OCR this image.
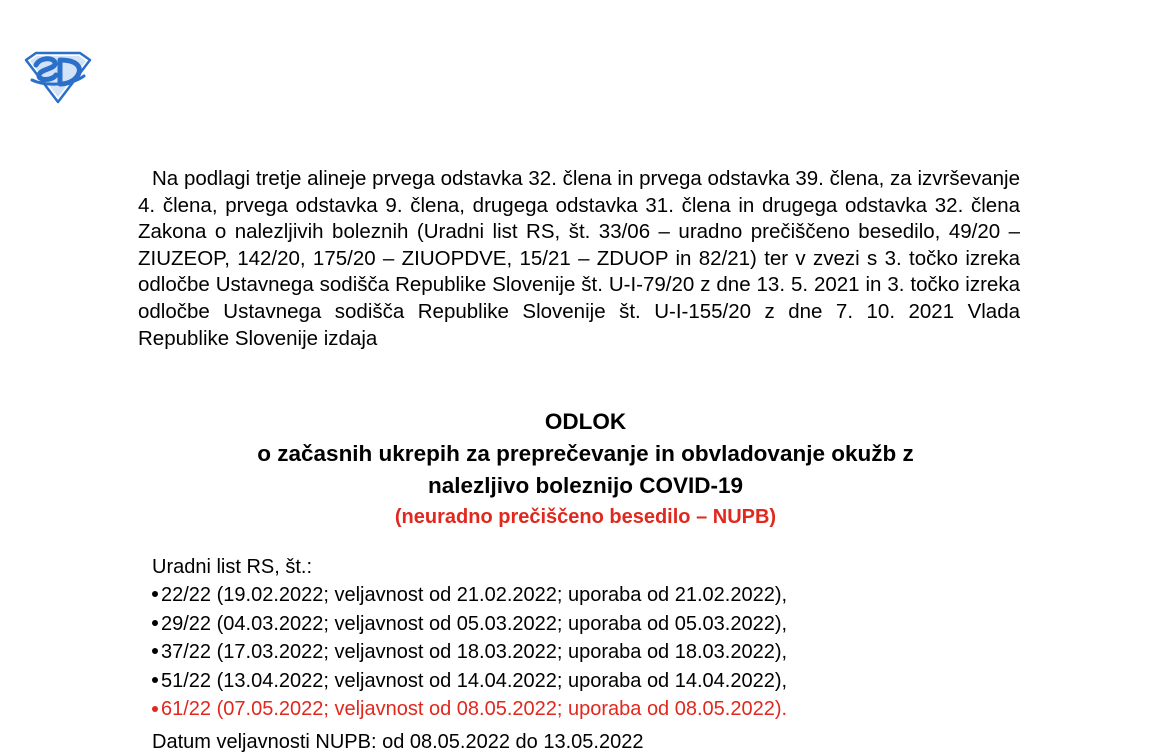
Na podlagi tretje alineje prvega odstavka 32. člena in prvega odstavka 39. člena, za izvrševanje 4. člena, prvega odstavka 9. člena, drugega odstavka 31. člena in drugega odstavka 32. člena Zakona o nalezljivih boleznih (Uradni list RS, št. 33/06 – uradno prečiščeno besedilo, 49/20 – ZIUZEOP, 142/20, 175/20 – ZIUOPDVE, 15/21 – ZDUOP in 82/21) ter v zvezi s 3. točko izreka odločbe Ustavnega sodišča Republike Slovenije št. U-I-79/20 z dne 13. 5. 2021 in 3. točko izreka odločbe Ustavnega sodišča Republike Slovenije št. U-I-155/20 z dne 7. 10. 2021 Vlada Republike Slovenije izdaja

ODLOK
o začasnih ukrepih za preprečevanje in obvladovanje okužb z
nalezljivo boleznijo COVID-19
(neuradno prečiščeno besedilo – NUPB)
Uradni list RS, št.:
22/22 (19.02.2022; veljavnost od 21.02.2022; uporaba od 21.02.2022),
29/22 (04.03.2022; veljavnost od 05.03.2022; uporaba od 05.03.2022),
37/22 (17.03.2022; veljavnost od 18.03.2022; uporaba od 18.03.2022),
51/22 (13.04.2022; veljavnost od 14.04.2022; uporaba od 14.04.2022),
61/22 (07.05.2022; veljavnost od 08.05.2022; uporaba od 08.05.2022).
Datum veljavnosti NUPB: od 08.05.2022 do 13.05.2022
